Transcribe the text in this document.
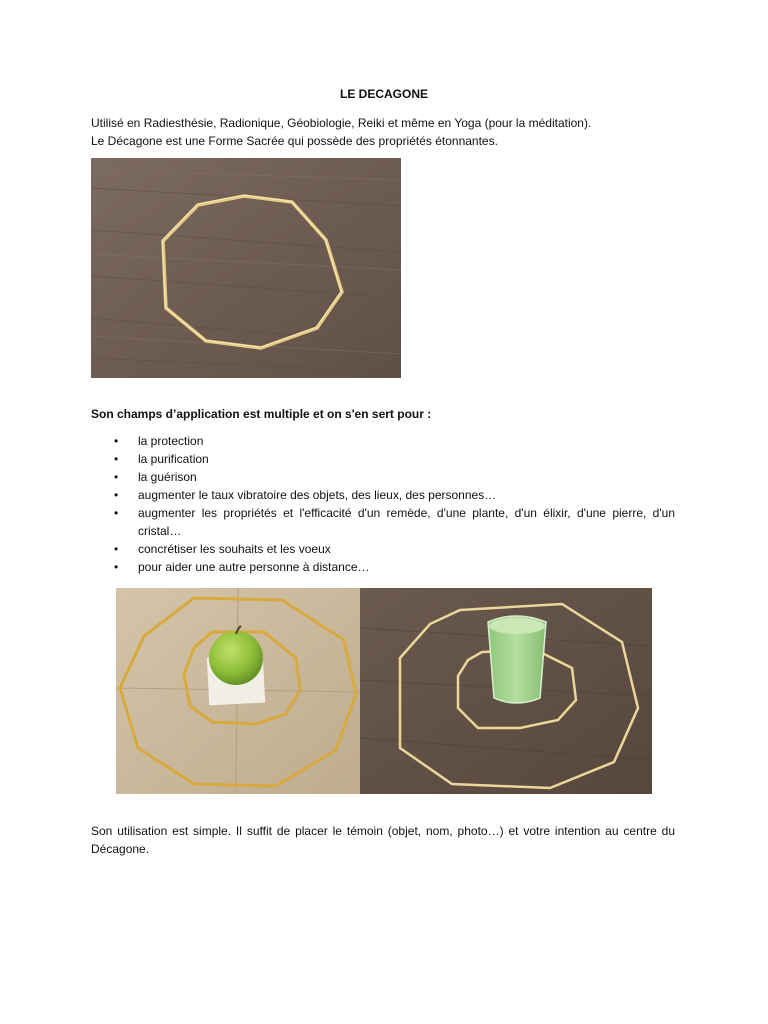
LE DECAGONE
Utilisé en Radiesthésie, Radionique, Géobiologie, Reiki et même en Yoga (pour la méditation).
Le Décagone est une Forme Sacrée qui possède des propriétés étonnantes.
Son champs d’application est multiple et on s'en sert pour :
• la protection
• la purification
• la guérison
• augmenter le taux vibratoire des objets, des lieux, des personnes…
• augmenter les propriétés et l'efficacité d'un remède, d'une plante, d'un élixir, d'une pierre, d'un cristal…
• concrétiser les souhaits et les voeux
• pour aider une autre personne à distance…
Son utilisation est simple. Il suffit de placer le témoin (objet, nom, photo…) et votre intention au centre du Décagone.
